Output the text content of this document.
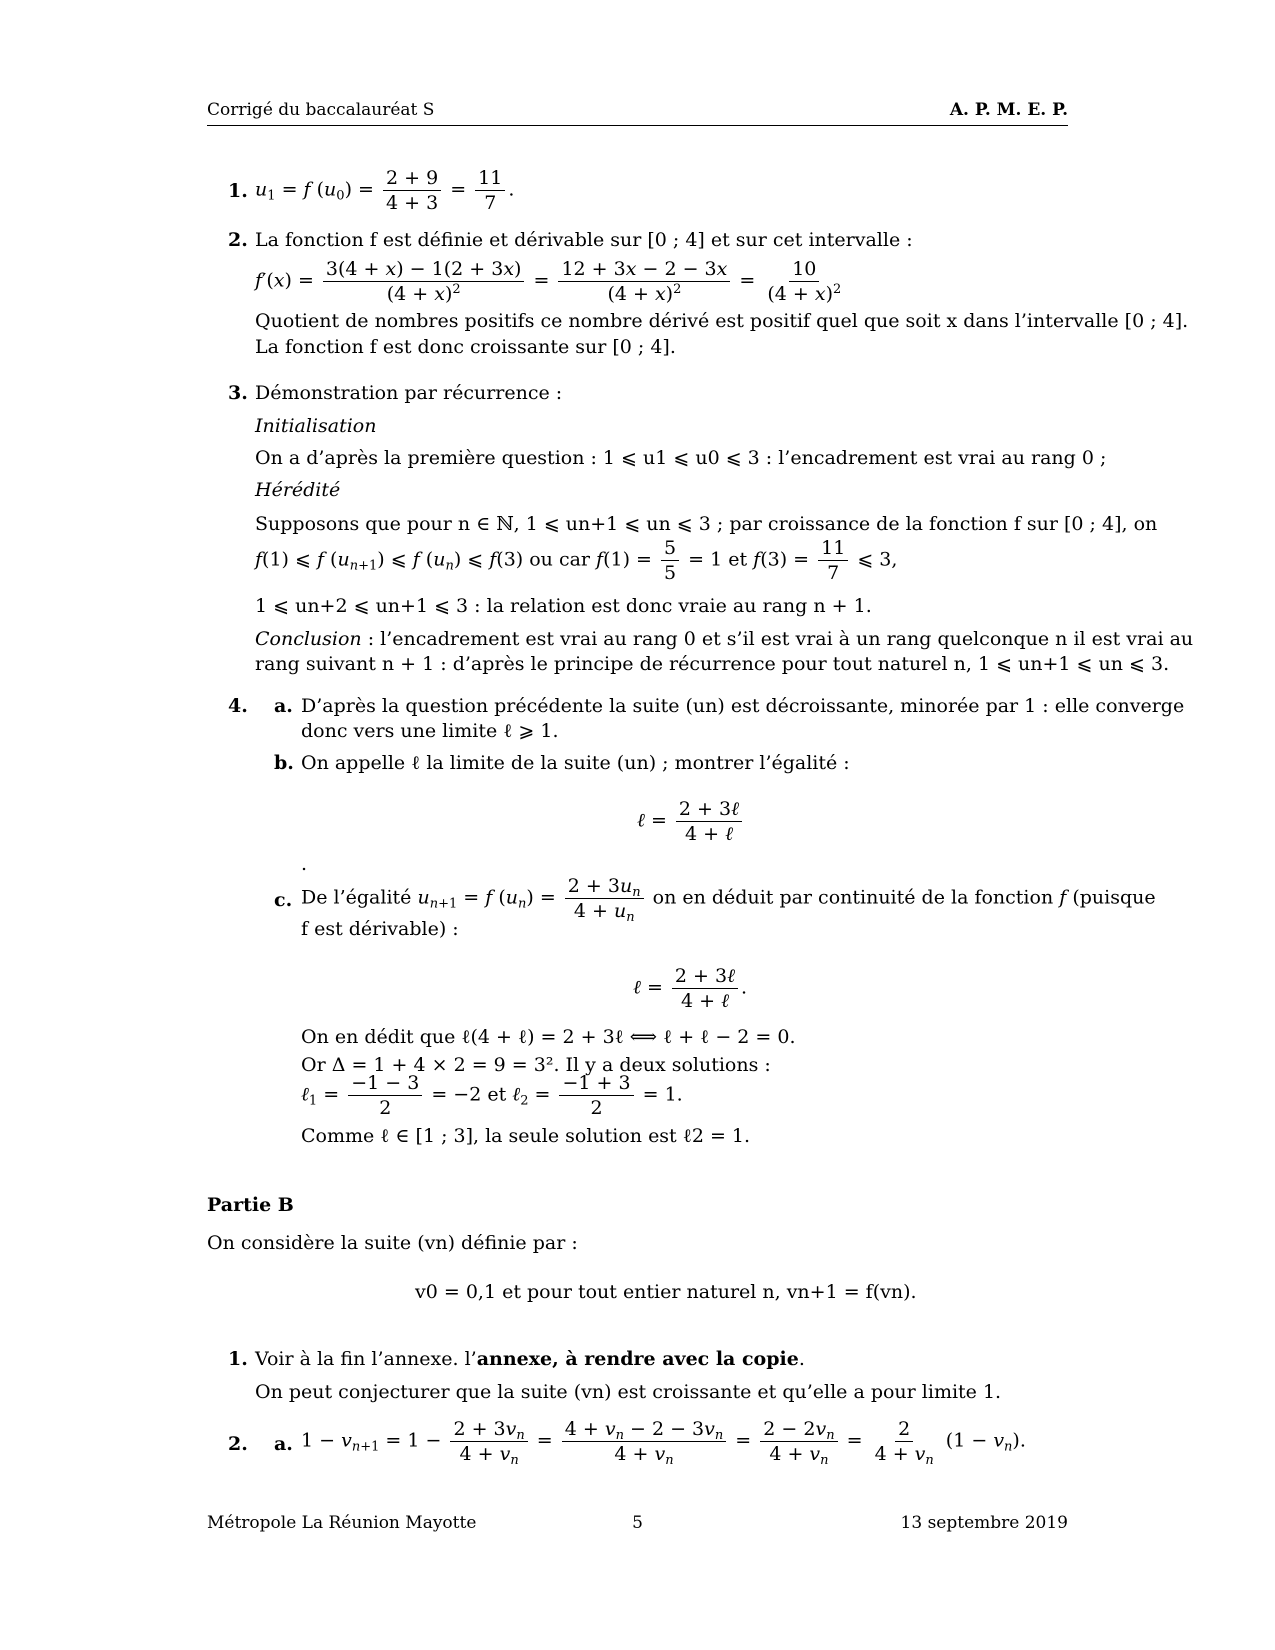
Corrigé du baccalauréat S	A. P. M. E. P.
1. $u_1 = f$ $(u_0) = \frac{2 + 9}{4 + 3} = \frac{11}{7}$ .
2. La fonction f est définie et dérivable sur [0 ; 4] et sur cet intervalle :
$f'(x) = \frac{3(4 + x) - 1(2 + 3x)}{(4 + x)^2} = \frac{12 + 3x - 2 - 3x}{(4 + x)^2} = \frac{10}{(4 + x)^2}$
Quotient de nombres positifs ce nombre dérivé est positif quel que soit x dans l’intervalle [0 ; 4].
La fonction f est donc croissante sur [0 ; 4].
3. Démonstration par récurrence :
Initialisation
On a d’après la première question : 1 ⩽ u1 ⩽ u0 ⩽ 3 : l’encadrement est vrai au rang 0 ;
Hérédité
Supposons que pour n ∈ ℕ, 1 ⩽ un+1 ⩽ un ⩽ 3 ; par croissance de la fonction f sur [0 ; 4], on
f(1) ⩽ f $(u_{n+1})$ ⩽ f $(u_n)$ ⩽ f(3) ou car $f(1) = \frac{5}{5} = 1$ et $f(3) = \frac{11}{7}$ ⩽ 3,
1 ⩽ un+2 ⩽ un+1 ⩽ 3 : la relation est donc vraie au rang n + 1.
Conclusion : l’encadrement est vrai au rang 0 et s’il est vrai à un rang quelconque n il est vrai au
rang suivant n + 1 : d’après le principe de récurrence pour tout naturel n, 1 ⩽ un+1 ⩽ un ⩽ 3.
4. a. D’après la question précédente la suite (un) est décroissante, minorée par 1 : elle converge
donc vers une limite ℓ ⩾ 1.
b. On appelle ℓ la limite de la suite (un) ; montrer l’égalité :
ℓ = $\frac{\text{2 + 3ℓ}}{\text{4 + ℓ}}$
.
c. De l’égalité $u_{n+1} = f$ $(u_n) = \frac{2 + 3u_n}{4 + u_n}$ on en déduit par continuité de la fonction f (puisque
f est dérivable) :
ℓ = $\frac{\text{2 + 3ℓ}}{\text{4 + ℓ}}$ .
On en dédit que ℓ(4 + ℓ) = 2 + 3ℓ ⟺ ℓ + ℓ − 2 = 0.
Or Δ = 1 + 4 × 2 = 9 = 3². Il y a deux solutions :
ℓ$_1$ = $\frac{-1 - 3}{2} = -2$ et ℓ$_2$ = $\frac{-1 + 3}{2} = 1$.
Comme ℓ ∈ [1 ; 3], la seule solution est ℓ2 = 1.
Partie B
On considère la suite (vn) définie par :
v0 = 0,1 et pour tout entier naturel n, vn+1 = f(vn).
1. Voir à la fin l’annexe. l’annexe, à rendre avec la copie.
On peut conjecturer que la suite (vn) est croissante et qu’elle a pour limite 1.
2. a. $1 - v_{n+1} = 1 - \frac{2 + 3v_n}{4 + v_n} = \frac{4 + v_n - 2 - 3v_n}{4 + v_n} = \frac{2 - 2v_n}{4 + v_n} = \frac{2}{4 + v_n} (1 - v_n)$.
Métropole La Réunion Mayotte	5	13 septembre 2019
